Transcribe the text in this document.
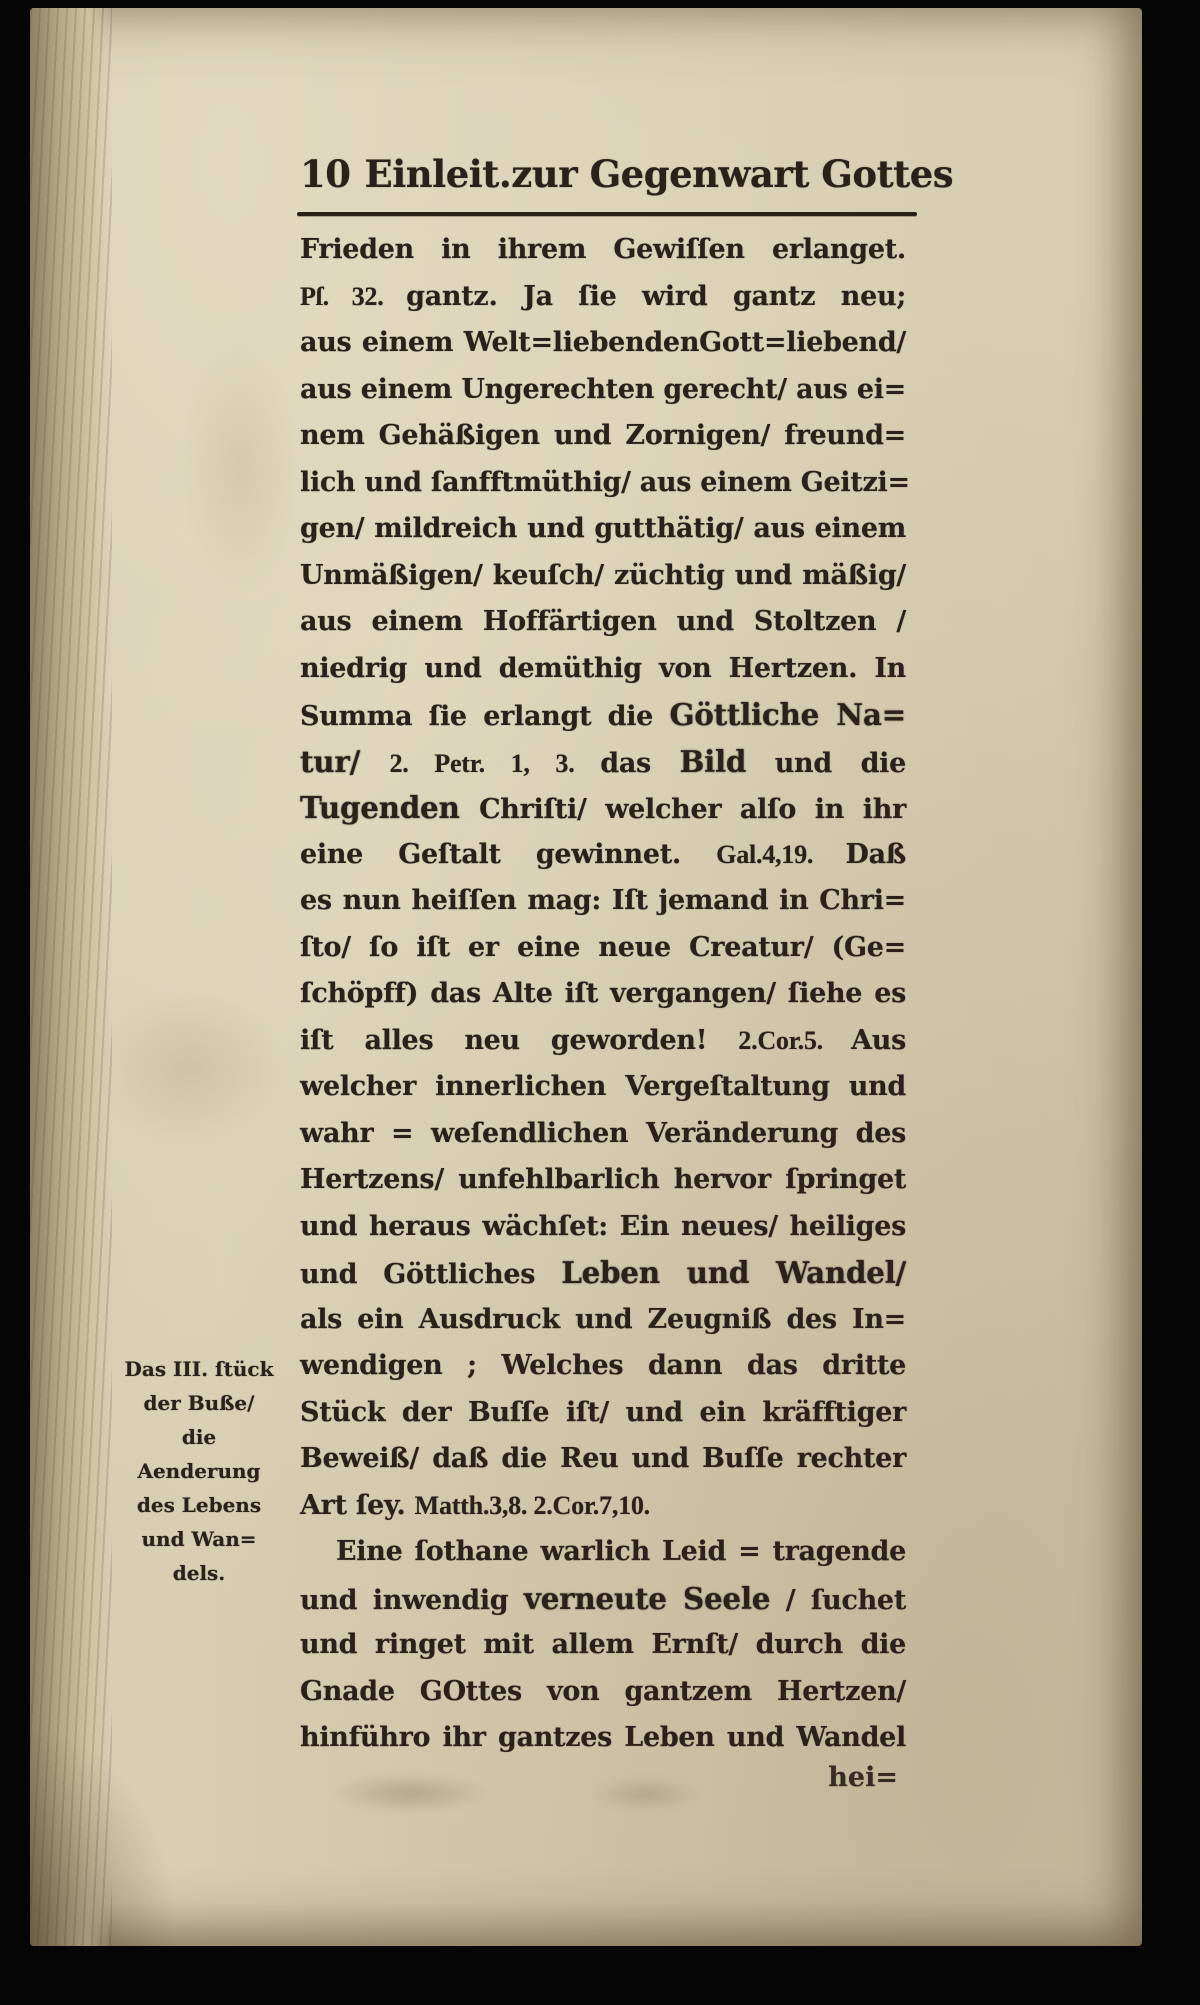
10 Einleit.zur Gegenwart Gottes
Frieden in ihrem Gewiſſen erlanget.
Pſ. 32. gantz. Ja ſie wird gantz neu;
aus einem Welt=liebendenGott=liebend/
aus einem Ungerechten gerecht/ aus ei=
nem Gehäßigen und Zornigen/ freund=
lich und ſanfftmüthig/ aus einem Geitzi=
gen/ mildreich und gutthätig/ aus einem
Unmäßigen/ keuſch/ züchtig und mäßig/
aus einem Hoffärtigen und Stoltzen /
niedrig und demüthig von Hertzen. In
Summa ſie erlangt die Göttliche Na=
tur/ 2. Petr. 1, 3. das Bild und die
Tugenden Chriſti/ welcher alſo in ihr
eine Geſtalt gewinnet. Gal.4,19. Daß
es nun heiſſen mag: Iſt jemand in Chri=
ſto/ ſo iſt er eine neue Creatur/ (Ge=
ſchöpff) das Alte iſt vergangen/ ſiehe es
iſt alles neu geworden! 2.Cor.5. Aus
welcher innerlichen Vergeſtaltung und
wahr = weſendlichen Veränderung des
Hertzens/ unfehlbarlich hervor ſpringet
und heraus wächſet: Ein neues/ heiliges
und Göttliches Leben und Wandel/
als ein Ausdruck und Zeugniß des In=
wendigen ; Welches dann das dritte
Stück der Buſſe iſt/ und ein kräfftiger
Beweiß/ daß die Reu und Buſſe rechter
Art ſey. Matth.3,8. 2.Cor.7,10.
Eine ſothane warlich Leid = tragende
und inwendig verneute Seele / ſuchet
und ringet mit allem Ernſt/ durch die
Gnade GOttes von gantzem Hertzen/
hinführo ihr gantzes Leben und Wandel
Das III. ſtück
der Buße/
die
Aenderung
des Lebens
und Wan=
dels.
hei=
